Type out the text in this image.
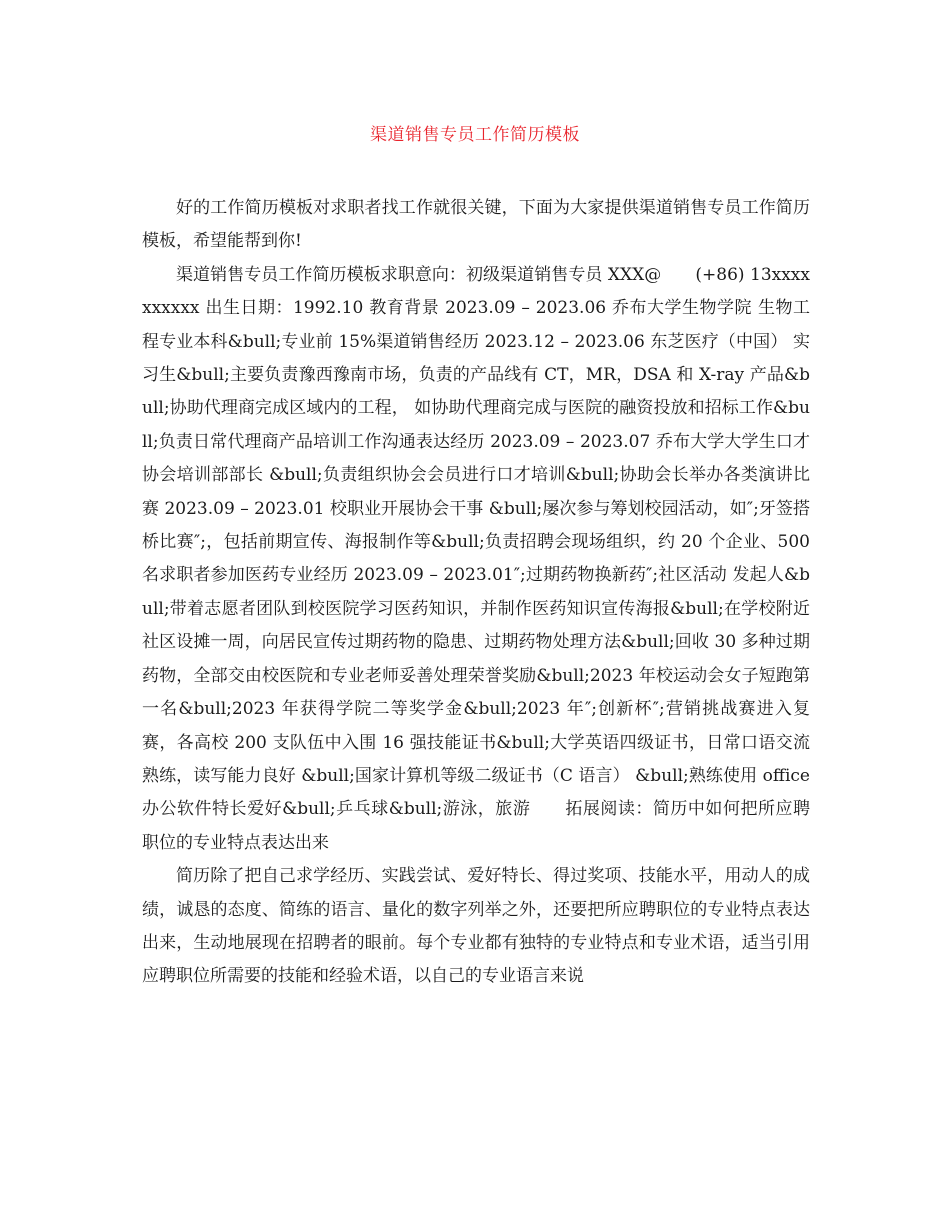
渠道销售专员工作简历模板

好的工作简历模板对求职者找工作就很关键，下面为大家提供渠道销售专员工作简历模板，希望能帮到你!

渠道销售专员工作简历模板求职意向：初级渠道销售专员 XXX@　　(+86) 13xxxxxxxxxx 出生日期：1992.10 教育背景 2023.09 – 2023.06 乔布大学生物学院 生物工程专业本科&bull;专业前 15%渠道销售经历 2023.12 – 2023.06 东芝医疗（中国） 实习生&bull;主要负责豫西豫南市场，负责的产品线有 CT，MR，DSA 和 X-ray 产品&bull;协助代理商完成区域内的工程， 如协助代理商完成与医院的融资投放和招标工作&bull;负责日常代理商产品培训工作沟通表达经历 2023.09 – 2023.07 乔布大学大学生口才协会培训部部长 &bull;负责组织协会会员进行口才培训&bull;协助会长举办各类演讲比赛 2023.09 – 2023.01 校职业开展协会干事 &bull;屡次参与筹划校园活动，如″;牙签搭桥比赛″;，包括前期宣传、海报制作等&bull;负责招聘会现场组织，约 20 个企业、500 名求职者参加医药专业经历 2023.09 – 2023.01″;过期药物换新药″;社区活动 发起人&bull;带着志愿者团队到校医院学习医药知识，并制作医药知识宣传海报&bull;在学校附近社区设摊一周，向居民宣传过期药物的隐患、过期药物处理方法&bull;回收 30 多种过期药物，全部交由校医院和专业老师妥善处理荣誉奖励&bull;2023 年校运动会女子短跑第一名&bull;2023 年获得学院二等奖学金&bull;2023 年″;创新杯″;营销挑战赛进入复赛，各高校 200 支队伍中入围 16 强技能证书&bull;大学英语四级证书，日常口语交流熟练，读写能力良好 &bull;国家计算机等级二级证书（C 语言） &bull;熟练使用 office 办公软件特长爱好&bull;乒乓球&bull;游泳，旅游　　拓展阅读：简历中如何把所应聘职位的专业特点表达出来

简历除了把自己求学经历、实践尝试、爱好特长、得过奖项、技能水平，用动人的成绩，诚恳的态度、简练的语言、量化的数字列举之外，还要把所应聘职位的专业特点表达出来，生动地展现在招聘者的眼前。每个专业都有独特的专业特点和专业术语，适当引用应聘职位所需要的技能和经验术语，以自己的专业语言来说
